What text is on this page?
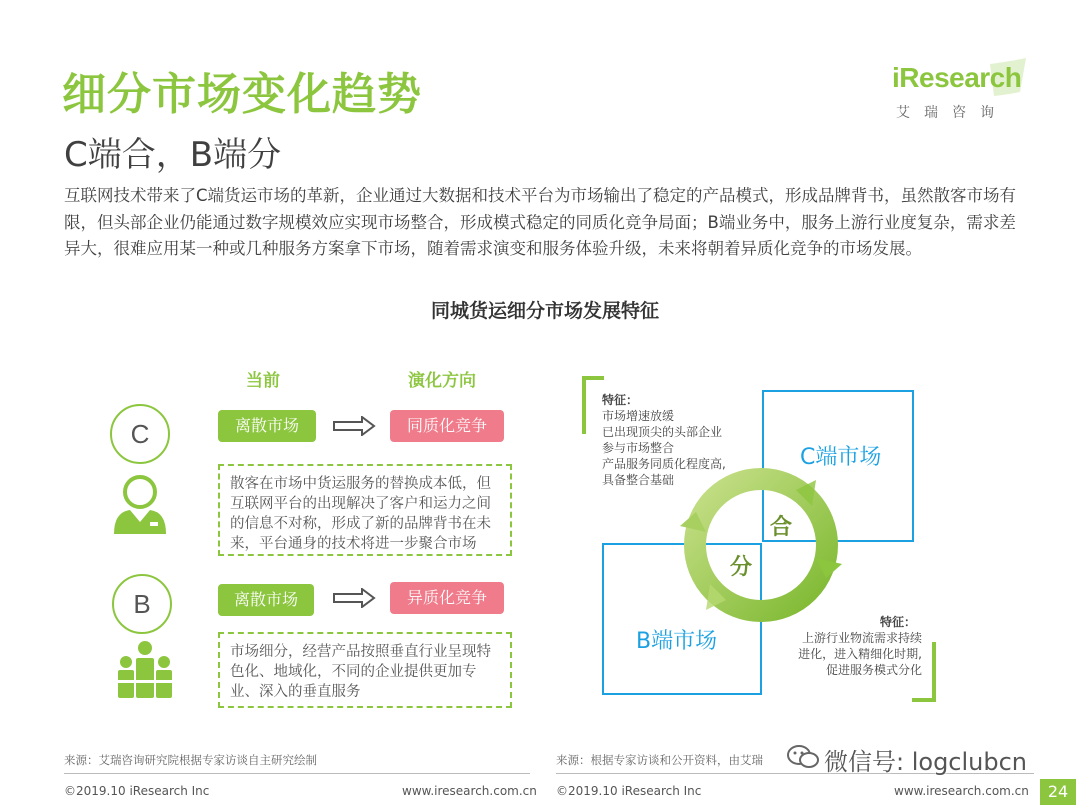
细分市场变化趋势
C端合，B端分
iResearch
艾瑞咨询
互联网技术带来了C端货运市场的革新，企业通过大数据和技术平台为市场输出了稳定的产品模式，形成品牌背书，虽然散客市场有限，但头部企业仍能通过数字规模效应实现市场整合，形成模式稳定的同质化竞争局面；B端业务中，服务上游行业度复杂，需求差异大，很难应用某一种或几种服务方案拿下市场，随着需求演变和服务体验升级，未来将朝着异质化竞争的市场发展。
同城货运细分市场发展特征
当前	演化方向
C	离散市场	同质化竞争
散客在市场中货运服务的替换成本低，但互联网平台的出现解决了客户和运力之间的信息不对称，形成了新的品牌背书在未来，平台通身的技术将进一步聚合市场
B	离散市场	异质化竞争
市场细分，经营产品按照垂直行业呈现特色化、地域化，不同的企业提供更加专业、深入的垂直服务
特征：
市场增速放缓
已出现顶尖的头部企业
参与市场整合
产品服务同质化程度高,
具备整合基础
C端市场
B端市场
合
分
特征：
上游行业物流需求持续
进化，进入精细化时期,
促进服务模式分化
来源：艾瑞咨询研究院根据专家访谈自主研究绘制	来源：根据专家访谈和公开资料，由艾瑞
©2019.10 iResearch Inc	www.iresearch.com.cn ©2019.10 iResearch Inc	www.iresearch.com.cn	24
微信号: logclubcn
